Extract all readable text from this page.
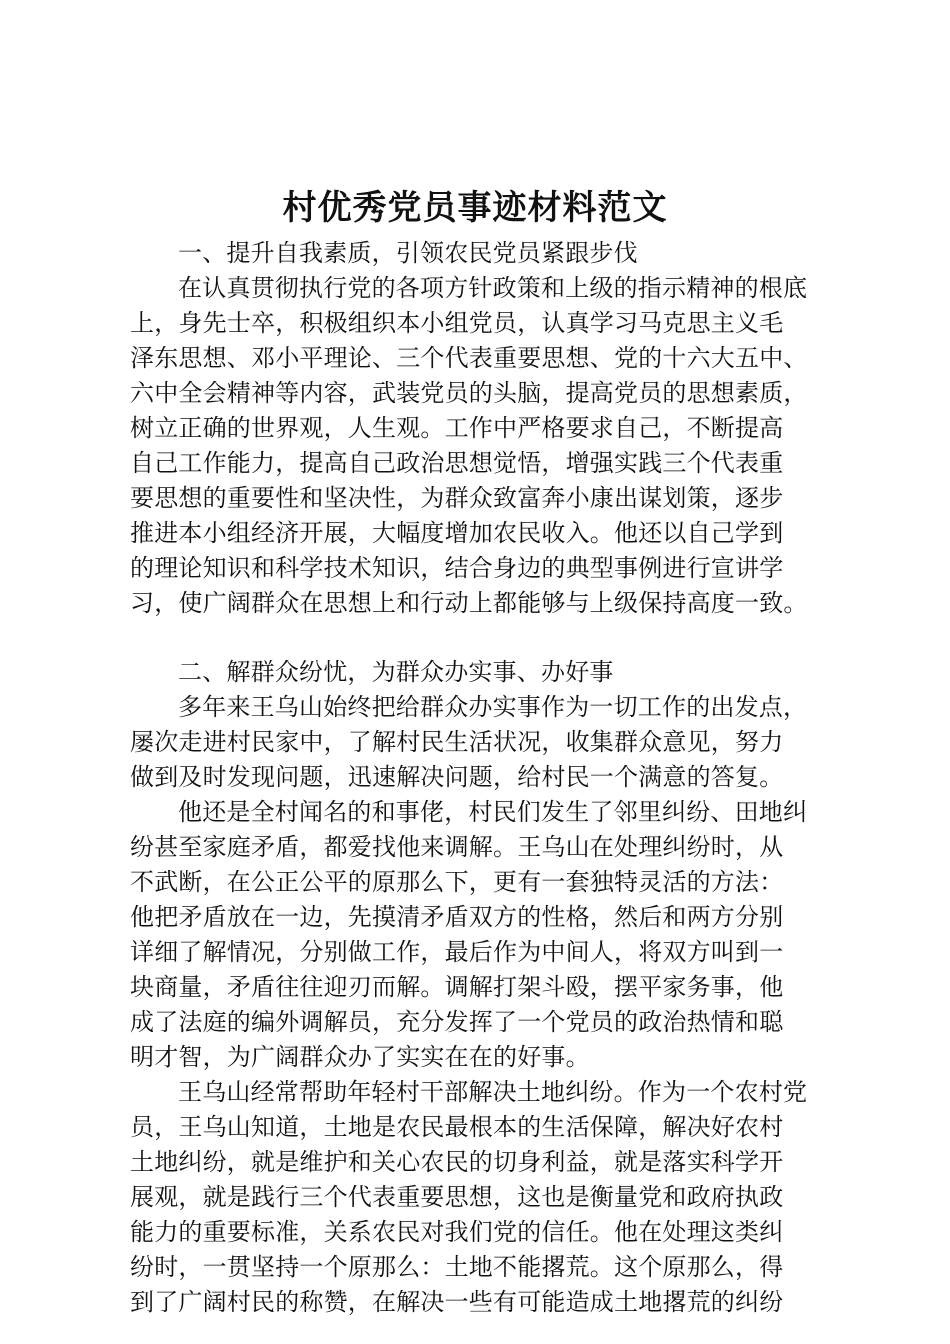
村优秀党员事迹材料范文
一、提升自我素质，引领农民党员紧跟步伐
在认真贯彻执行党的各项方针政策和上级的指示精神的根底
上，身先士卒，积极组织本小组党员，认真学习马克思主义毛
泽东思想、邓小平理论、三个代表重要思想、党的十六大五中、
六中全会精神等内容，武装党员的头脑，提高党员的思想素质，
树立正确的世界观，人生观。工作中严格要求自己，不断提高
自己工作能力，提高自己政治思想觉悟，增强实践三个代表重
要思想的重要性和坚决性，为群众致富奔小康出谋划策，逐步
推进本小组经济开展，大幅度增加农民收入。他还以自己学到
的理论知识和科学技术知识，结合身边的典型事例进行宣讲学
习，使广阔群众在思想上和行动上都能够与上级保持高度一致。
二、解群众纷忧，为群众办实事、办好事
多年来王乌山始终把给群众办实事作为一切工作的出发点，
屡次走进村民家中，了解村民生活状况，收集群众意见，努力
做到及时发现问题，迅速解决问题，给村民一个满意的答复。
他还是全村闻名的和事佬，村民们发生了邻里纠纷、田地纠
纷甚至家庭矛盾，都爱找他来调解。王乌山在处理纠纷时，从
不武断，在公正公平的原那么下，更有一套独特灵活的方法：
他把矛盾放在一边，先摸清矛盾双方的性格，然后和两方分别
详细了解情况，分别做工作，最后作为中间人，将双方叫到一
块商量，矛盾往往迎刃而解。调解打架斗殴，摆平家务事，他
成了法庭的编外调解员，充分发挥了一个党员的政治热情和聪
明才智，为广阔群众办了实实在在的好事。
王乌山经常帮助年轻村干部解决土地纠纷。作为一个农村党
员，王乌山知道，土地是农民最根本的生活保障，解决好农村
土地纠纷，就是维护和关心农民的切身利益，就是落实科学开
展观，就是践行三个代表重要思想，这也是衡量党和政府执政
能力的重要标准，关系农民对我们党的信任。他在处理这类纠
纷时，一贯坚持一个原那么：土地不能撂荒。这个原那么，得
到了广阔村民的称赞，在解决一些有可能造成土地撂荒的纠纷
